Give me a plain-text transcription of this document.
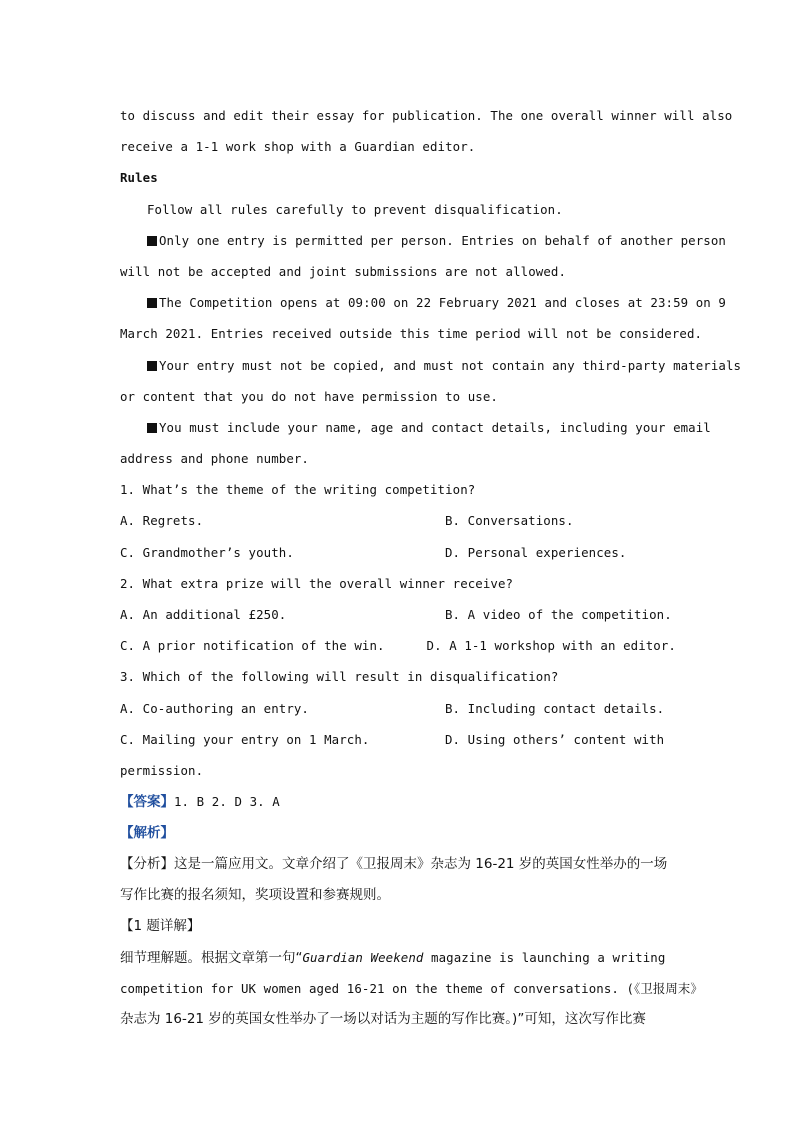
to discuss and edit their essay for publication. The one overall winner will also
receive a 1-1 work shop with a Guardian editor.
Rules
Follow all rules carefully to prevent disqualification.
Only one entry is permitted per person. Entries on behalf of another person
will not be accepted and joint submissions are not allowed.
The Competition opens at 09:00 on 22 February 2021 and closes at 23:59 on 9
March 2021. Entries received outside this time period will not be considered.
Your entry must not be copied, and must not contain any third-party materials
or content that you do not have permission to use.
You must include your name, age and contact details, including your email
address and phone number.
1. What’s the theme of the writing competition?
A. Regrets.	B. Conversations.
C. Grandmother’s youth.	D. Personal experiences.
2. What extra prize will the overall winner receive?
A. An additional £250.	B. A video of the competition.
C. A prior notification of the win.	D. A 1-1 workshop with an editor.
3. Which of the following will result in disqualification?
A. Co-authoring an entry.	B. Including contact details.
C. Mailing your entry on 1 March.	D. Using others’ content with
permission.
【答案】1. B 2. D 3. A
【解析】
【分析】这是一篇应用文。文章介绍了《卫报周末》杂志为 16-21 岁的英国女性举办的一场
写作比赛的报名须知，奖项设置和参赛规则。
【1 题详解】
细节理解题。根据文章第一句“Guardian Weekend magazine is launching a writing
competition for UK women aged 16-21 on the theme of conversations. (《卫报周末》
杂志为 16-21 岁的英国女性举办了一场以对话为主题的写作比赛。)”可知，这次写作比赛
